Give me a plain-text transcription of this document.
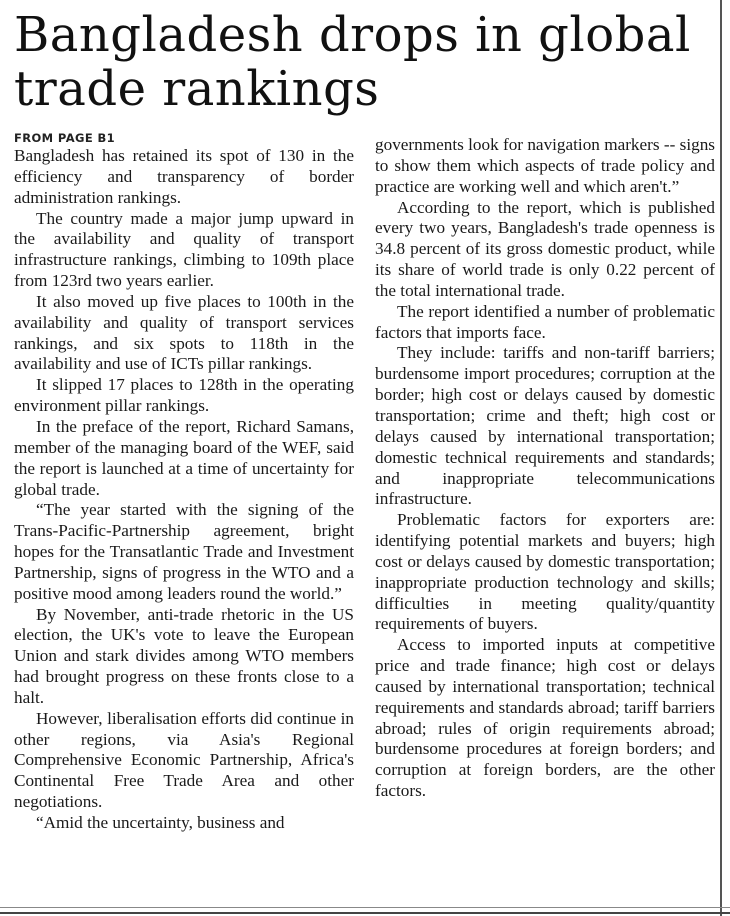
Bangladesh drops in global trade rankings
FROM PAGE B1

Bangladesh has retained its spot of 130 in the efficiency and transparency of border administration rankings.

The country made a major jump upward in the availability and quality of transport infrastructure rankings, climbing to 109th place from 123rd two years earlier.

It also moved up five places to 100th in the availability and quality of transport services rankings, and six spots to 118th in the availability and use of ICTs pillar rankings.

It slipped 17 places to 128th in the operating environment pillar rankings.

In the preface of the report, Richard Samans, member of the managing board of the WEF, said the report is launched at a time of uncertainty for global trade.

“The year started with the signing of the Trans-Pacific-Partnership agreement, bright hopes for the Transatlantic Trade and Investment Partnership, signs of progress in the WTO and a positive mood among leaders round the world.”

By November, anti-trade rhetoric in the US election, the UK's vote to leave the European Union and stark divides among WTO members had brought progress on these fronts close to a halt.

However, liberalisation efforts did continue in other regions, via Asia's Regional Comprehensive Economic Partnership, Africa's Continental Free Trade Area and other negotiations.

“Amid the uncertainty, business and

governments look for navigation markers -- signs to show them which aspects of trade policy and practice are working well and which aren't.”

According to the report, which is published every two years, Bangladesh's trade openness is 34.8 percent of its gross domestic product, while its share of world trade is only 0.22 percent of the total international trade.

The report identified a number of problematic factors that imports face.

They include: tariffs and non-tariff barriers; burdensome import procedures; corruption at the border; high cost or delays caused by domestic transportation; crime and theft; high cost or delays caused by international transportation; domestic technical requirements and standards; and inappropriate telecommunications infrastructure.

Problematic factors for exporters are: identifying potential markets and buyers; high cost or delays caused by domestic transportation; inappropriate production technology and skills; difficulties in meeting quality/quantity requirements of buyers.

Access to imported inputs at competitive price and trade finance; high cost or delays caused by international transportation; technical requirements and standards abroad; tariff barriers abroad; rules of origin requirements abroad; burdensome procedures at foreign borders; and corruption at foreign borders, are the other factors.
